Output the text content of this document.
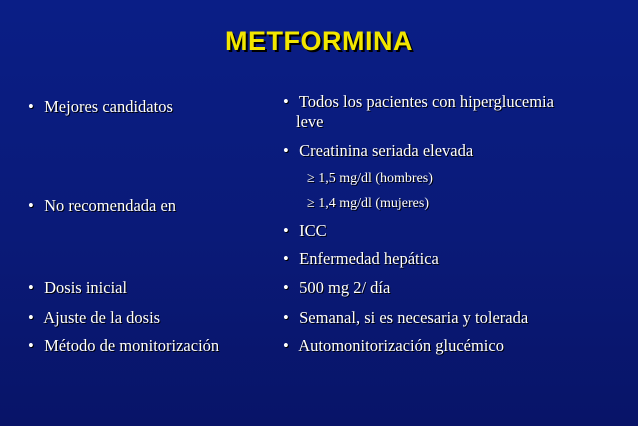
METFORMINA
• Mejores candidatos
• No recomendada en
• Dosis inicial
• Ajuste de la dosis
• Método de monitorización
• Todos los pacientes con hiperglucemia
leve
• Creatinina seriada elevada
≥ 1,5 mg/dl (hombres)
≥ 1,4 mg/dl (mujeres)
• ICC
• Enfermedad hepática
• 500 mg 2/ día
• Semanal, si es necesaria y tolerada
• Automonitorización glucémico
